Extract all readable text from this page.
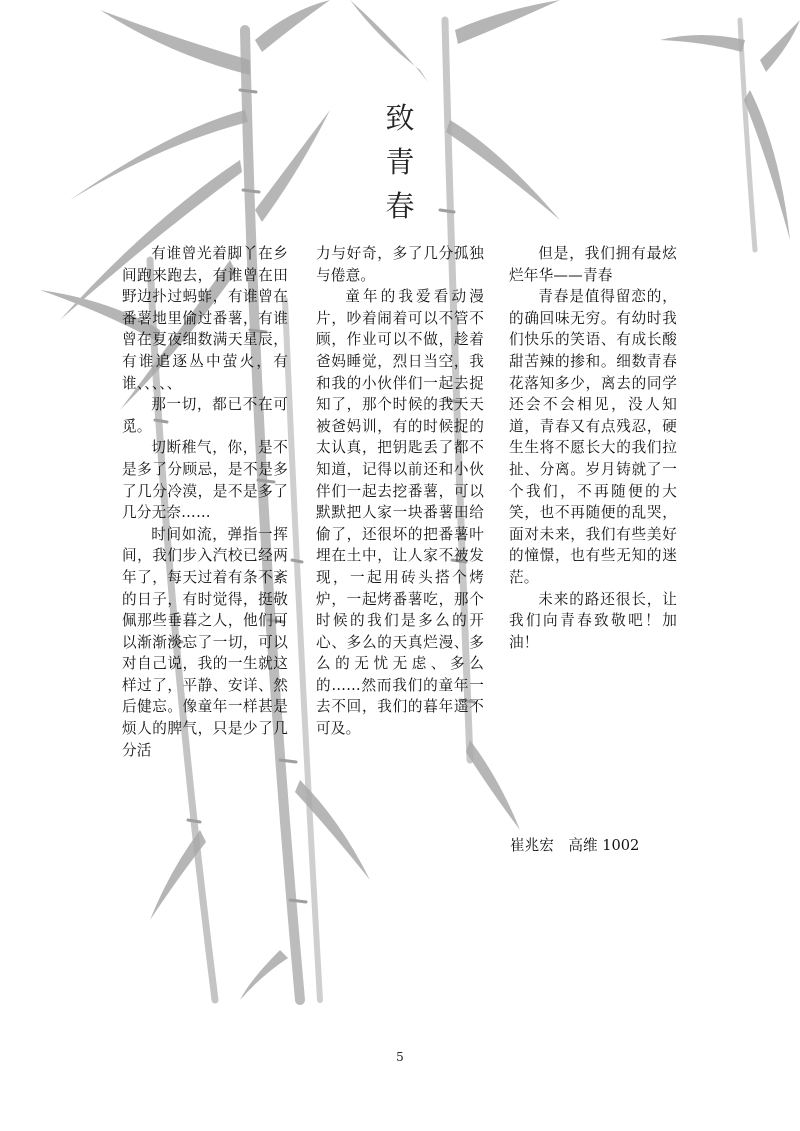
致
青
春

有谁曾光着脚丫在乡间跑来跑去，有谁曾在田野边扑过蚂蚱，有谁曾在番薯地里偷过番薯，有谁曾在夏夜细数满天星辰，有谁追逐丛中萤火，有谁、、、、、

那一切，都已不在可觅。

切断稚气，你，是不是多了分顾忌，是不是多了几分冷漠，是不是多了几分无奈……

时间如流，弹指一挥间，我们步入汽校已经两年了，每天过着有条不紊的日子，有时觉得，挺敬佩那些垂暮之人，他们可以渐渐淡忘了一切，可以对自己说，我的一生就这样过了，平静、安详、然后健忘。像童年一样甚是烦人的脾气，只是少了几分活

力与好奇，多了几分孤独与倦意。

童年的我爱看动漫片，吵着闹着可以不管不顾，作业可以不做，趁着爸妈睡觉，烈日当空，我和我的小伙伴们一起去捉知了，那个时候的我天天被爸妈训，有的时候捉的太认真，把钥匙丢了都不知道，记得以前还和小伙伴们一起去挖番薯，可以默默把人家一块番薯田给偷了，还很坏的把番薯叶埋在土中，让人家不被发现，一起用砖头搭个烤炉，一起烤番薯吃，那个时候的我们是多么的开心、多么的天真烂漫、多么的无忧无虑、多么的……然而我们的童年一去不回，我们的暮年遥不可及。

但是，我们拥有最炫烂年华——青春

青春是值得留恋的，的确回味无穷。有幼时我们快乐的笑语、有成长酸甜苦辣的掺和。细数青春花落知多少，离去的同学还会不会相见，没人知道，青春又有点残忍，硬生生将不愿长大的我们拉扯、分离。岁月铸就了一个我们，不再随便的大笑，也不再随便的乱哭，面对未来，我们有些美好的憧憬，也有些无知的迷茫。

未来的路还很长，让我们向青春致敬吧！加油！

崔兆宏　高维 1002
5
